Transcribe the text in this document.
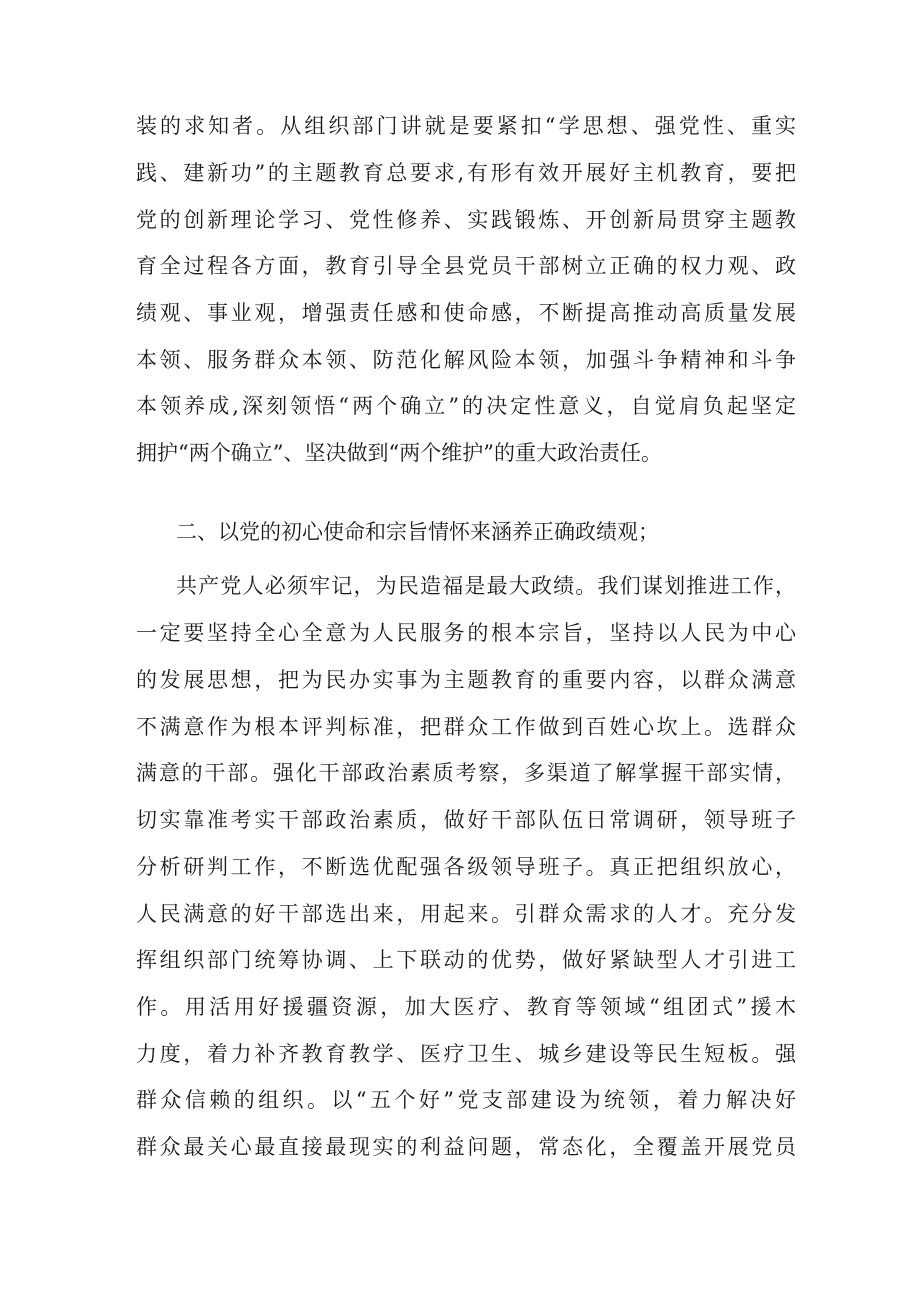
装的求知者。从组织部门讲就是要紧扣“学思想、强党性、重实
践、建新功”的主题教育总要求,有形有效开展好主机教育，要把
党的创新理论学习、党性修养、实践锻炼、开创新局贯穿主题教
育全过程各方面，教育引导全县党员干部树立正确的权力观、政
绩观、事业观，增强责任感和使命感，不断提高推动高质量发展
本领、服务群众本领、防范化解风险本领，加强斗争精神和斗争
本领养成,深刻领悟“两个确立”的决定性意义，自觉肩负起坚定
拥护“两个确立”、坚决做到“两个维护”的重大政治责任。
二、以党的初心使命和宗旨情怀来涵养正确政绩观；
共产党人必须牢记，为民造福是最大政绩。我们谋划推进工作，
一定要坚持全心全意为人民服务的根本宗旨，坚持以人民为中心
的发展思想，把为民办实事为主题教育的重要内容，以群众满意
不满意作为根本评判标准，把群众工作做到百姓心坎上。选群众
满意的干部。强化干部政治素质考察，多渠道了解掌握干部实情，
切实靠准考实干部政治素质，做好干部队伍日常调研，领导班子
分析研判工作，不断选优配强各级领导班子。真正把组织放心，
人民满意的好干部选出来，用起来。引群众需求的人才。充分发
挥组织部门统筹协调、上下联动的优势，做好紧缺型人才引进工
作。用活用好援疆资源，加大医疗、教育等领域“组团式”援木
力度，着力补齐教育教学、医疗卫生、城乡建设等民生短板。强
群众信赖的组织。以“五个好”党支部建设为统领，着力解决好
群众最关心最直接最现实的利益问题，常态化，全覆盖开展党员
